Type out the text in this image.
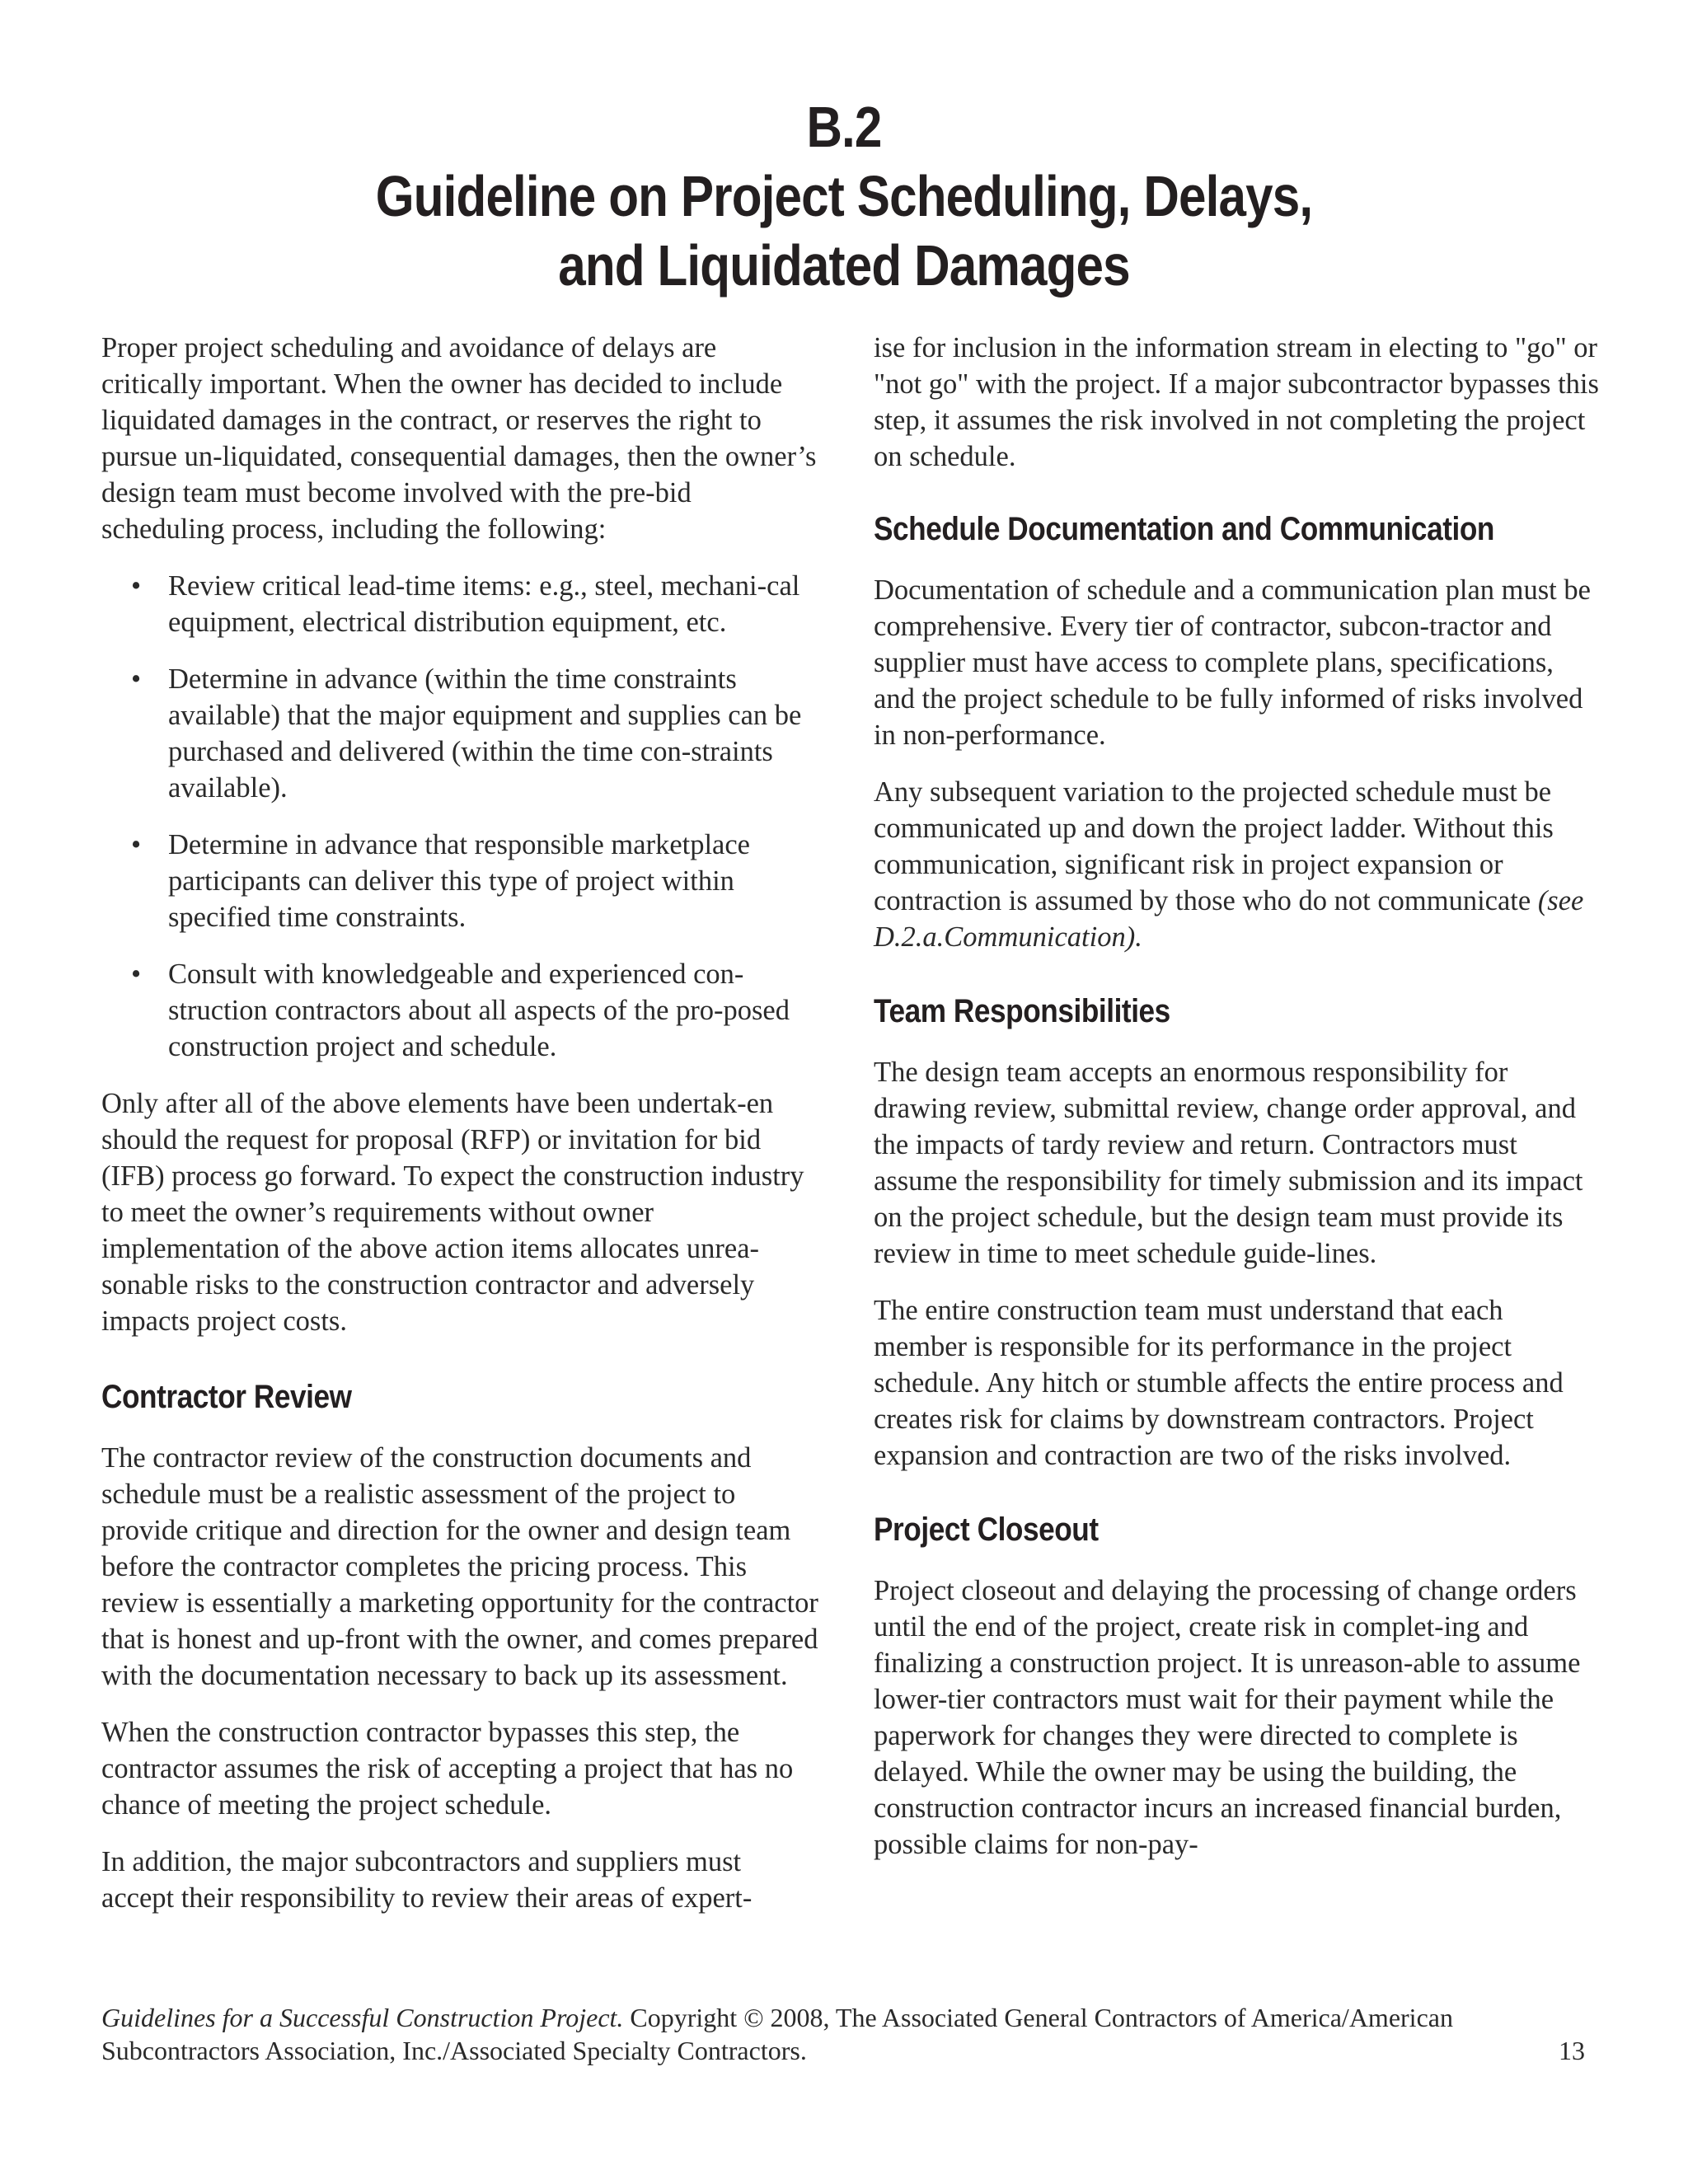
B.2
Guideline on Project Scheduling, Delays,
and Liquidated Damages

Proper project scheduling and avoidance of delays are critically important. When the owner has decided to include liquidated damages in the contract, or reserves the right to pursue un-liquidated, consequential damages, then the owner’s design team must become involved with the pre-bid scheduling process, including the following:

• Review critical lead-time items: e.g., steel, mechani-cal equipment, electrical distribution equipment, etc.
• Determine in advance (within the time constraints available) that the major equipment and supplies can be purchased and delivered (within the time con-straints available).
• Determine in advance that responsible marketplace participants can deliver this type of project within specified time constraints.
• Consult with knowledgeable and experienced con-struction contractors about all aspects of the pro-posed construction project and schedule.

Only after all of the above elements have been undertak-en should the request for proposal (RFP) or invitation for bid (IFB) process go forward. To expect the construction industry to meet the owner’s requirements without owner implementation of the above action items allocates unrea-sonable risks to the construction contractor and adversely impacts project costs.

Contractor Review

The contractor review of the construction documents and schedule must be a realistic assessment of the project to provide critique and direction for the owner and design team before the contractor completes the pricing process. This review is essentially a marketing opportunity for the contractor that is honest and up-front with the owner, and comes prepared with the documentation necessary to back up its assessment.

When the construction contractor bypasses this step, the contractor assumes the risk of accepting a project that has no chance of meeting the project schedule.

In addition, the major subcontractors and suppliers must accept their responsibility to review their areas of expert-

ise for inclusion in the information stream in electing to "go" or "not go" with the project. If a major subcontractor bypasses this step, it assumes the risk involved in not completing the project on schedule.

Schedule Documentation and Communication

Documentation of schedule and a communication plan must be comprehensive. Every tier of contractor, subcon-tractor and supplier must have access to complete plans, specifications, and the project schedule to be fully informed of risks involved in non-performance.

Any subsequent variation to the projected schedule must be communicated up and down the project ladder. Without this communication, significant risk in project expansion or contraction is assumed by those who do not communicate (see D.2.a.Communication).

Team Responsibilities

The design team accepts an enormous responsibility for drawing review, submittal review, change order approval, and the impacts of tardy review and return. Contractors must assume the responsibility for timely submission and its impact on the project schedule, but the design team must provide its review in time to meet schedule guide-lines.

The entire construction team must understand that each member is responsible for its performance in the project schedule. Any hitch or stumble affects the entire process and creates risk for claims by downstream contractors. Project expansion and contraction are two of the risks involved.

Project Closeout

Project closeout and delaying the processing of change orders until the end of the project, create risk in complet-ing and finalizing a construction project. It is unreason-able to assume lower-tier contractors must wait for their payment while the paperwork for changes they were directed to complete is delayed. While the owner may be using the building, the construction contractor incurs an increased financial burden, possible claims for non-pay-

Guidelines for a Successful Construction Project. Copyright © 2008, The Associated General Contractors of America/American Subcontractors Association, Inc./Associated Specialty Contractors.	13
